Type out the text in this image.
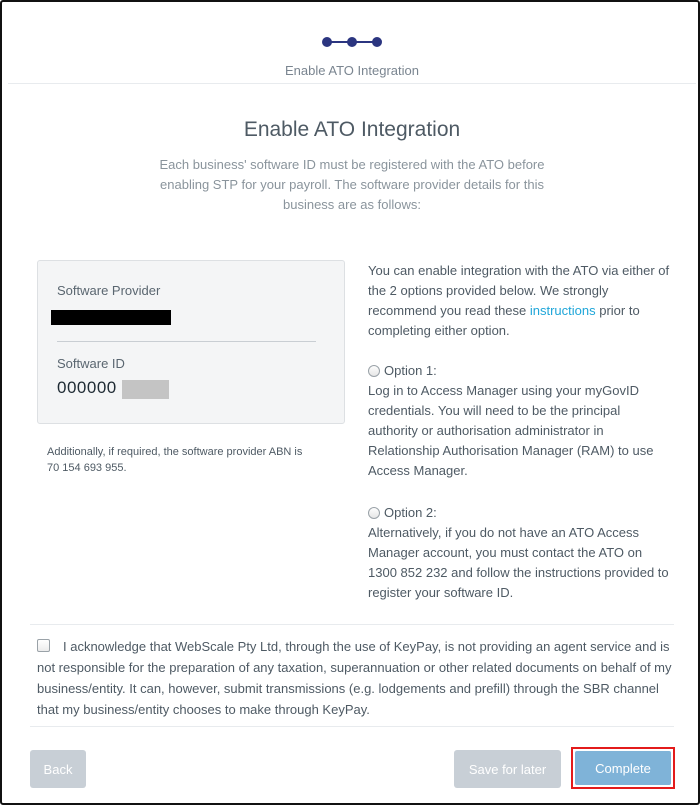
Enable ATO Integration
Enable ATO Integration
Each business' software ID must be registered with the ATO before enabling STP for your payroll. The software provider details for this business are as follows:
Software Provider
Software ID
000000
Additionally, if required, the software provider ABN is 70 154 693 955.

You can enable integration with the ATO via either of the 2 options provided below. We strongly recommend you read these instructions prior to completing either option.

Option 1:

Log in to Access Manager using your myGovID credentials. You will need to be the principal authority or authorisation administrator in Relationship Authorisation Manager (RAM) to use Access Manager.

Option 2:

Alternatively, if you do not have an ATO Access Manager account, you must contact the ATO on 1300 852 232 and follow the instructions provided to register your software ID.

I acknowledge that WebScale Pty Ltd, through the use of KeyPay, is not providing an agent service and is not responsible for the preparation of any taxation, superannuation or other related documents on behalf of my business/entity. It can, however, submit transmissions (e.g. lodgements and prefill) through the SBR channel that my business/entity chooses to make through KeyPay.
Back	Save for later	Complete
